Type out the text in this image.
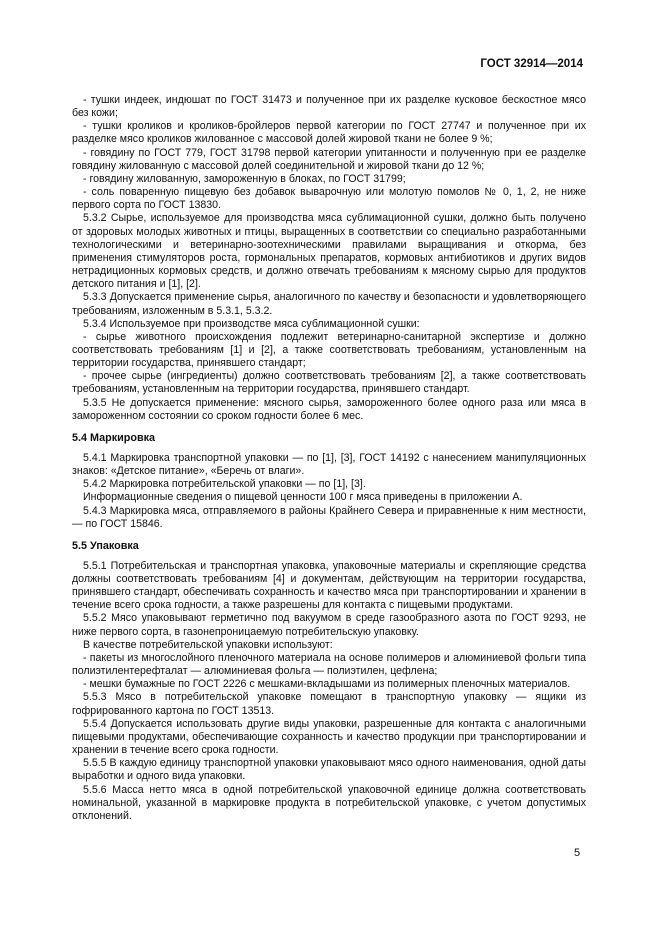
ГОСТ 32914—2014

- тушки индеек, индюшат по ГОСТ 31473 и полученное при их разделке кусковое бескостное мясо без кожи;

- тушки кроликов и кроликов-бройлеров первой категории по ГОСТ 27747 и полученное при их разделке мясо кроликов жилованное с массовой долей жировой ткани не более 9 %;

- говядину по ГОСТ 779, ГОСТ 31798 первой категории упитанности и полученную при ее разделке говядину жилованную с массовой долей соединительной и жировой ткани до 12 %;

- говядину жилованную, замороженную в блоках, по ГОСТ 31799;

- соль поваренную пищевую без добавок выварочную или молотую помолов № 0, 1, 2, не ниже первого сорта по ГОСТ 13830.

5.3.2 Сырье, используемое для производства мяса сублимационной сушки, должно быть получено от здоровых молодых животных и птицы, выращенных в соответствии со специально разработанными технологическими и ветеринарно-зоотехническими правилами выращивания и откорма, без применения стимуляторов роста, гормональных препаратов, кормовых антибиотиков и других видов нетрадиционных кормовых средств, и должно отвечать требованиям к мясному сырью для продуктов детского питания и [1], [2].

5.3.3 Допускается применение сырья, аналогичного по качеству и безопасности и удовлетворяющего требованиям, изложенным в 5.3.1, 5.3.2.

5.3.4 Используемое при производстве мяса сублимационной сушки:

- сырье животного происхождения подлежит ветеринарно-санитарной экспертизе и должно соответствовать требованиям [1] и [2], а также соответствовать требованиям, установленным на территории государства, принявшего стандарт;

- прочее сырье (ингредиенты) должно соответствовать требованиям [2], а также соответствовать требованиям, установленным на территории государства, принявшего стандарт.

5.3.5 Не допускается применение: мясного сырья, замороженного более одного раза или мяса в замороженном состоянии со сроком годности более 6 мес.

5.4 Маркировка

5.4.1 Маркировка транспортной упаковки — по [1], [3], ГОСТ 14192 с нанесением манипуляционных знаков: «Детское питание», «Беречь от влаги».

5.4.2 Маркировка потребительской упаковки — по [1], [3].

Информационные сведения о пищевой ценности 100 г мяса приведены в приложении А.

5.4.3 Маркировка мяса, отправляемого в районы Крайнего Севера и приравненные к ним местности, — по ГОСТ 15846.

5.5 Упаковка

5.5.1 Потребительская и транспортная упаковка, упаковочные материалы и скрепляющие средства должны соответствовать требованиям [4] и документам, действующим на территории государства, принявшего стандарт, обеспечивать сохранность и качество мяса при транспортировании и хранении в течение всего срока годности, а также разрешены для контакта с пищевыми продуктами.

5.5.2 Мясо упаковывают герметично под вакуумом в среде газообразного азота по ГОСТ 9293, не ниже первого сорта, в газонепроницаемую потребительскую упаковку.

В качестве потребительской упаковки используют:

- пакеты из многослойного пленочного материала на основе полимеров и алюминиевой фольги типа полиэтилентерефталат — алюминиевая фольга — полиэтилен, цефлена;

- мешки бумажные по ГОСТ 2226 с мешками-вкладышами из полимерных пленочных материалов.

5.5.3 Мясо в потребительской упаковке помещают в транспортную упаковку — ящики из гофрированного картона по ГОСТ 13513.

5.5.4 Допускается использовать другие виды упаковки, разрешенные для контакта с аналогичными пищевыми продуктами, обеспечивающие сохранность и качество продукции при транспортировании и хранении в течение всего срока годности.

5.5.5 В каждую единицу транспортной упаковки упаковывают мясо одного наименования, одной даты выработки и одного вида упаковки.

5.5.6 Масса нетто мяса в одной потребительской упаковочной единице должна соответствовать номинальной, указанной в маркировке продукта в потребительской упаковке, с учетом допустимых отклонений.

5
